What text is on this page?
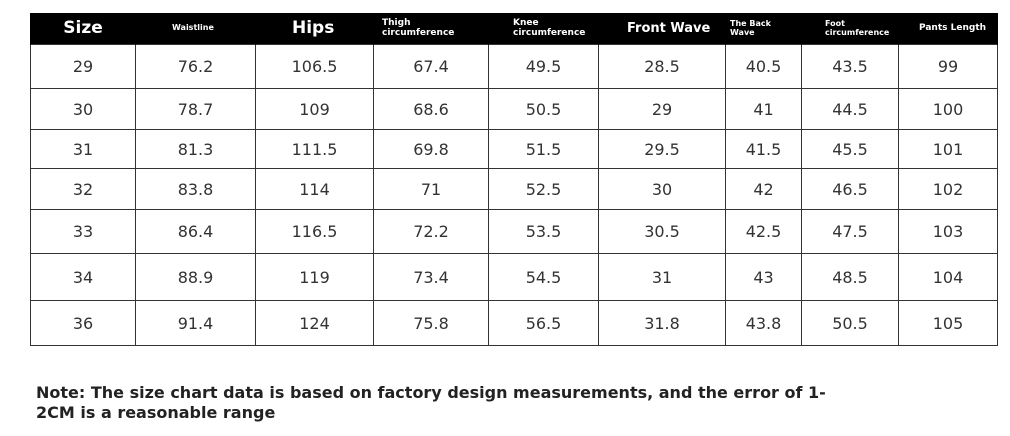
Size	Waistline	Hips	Thigh circumference	Knee circumference	Front Wave	The Back Wave	Foot circumference	Pants Length
29	76.2	106.5	67.4	49.5	28.5	40.5	43.5	99
30	78.7	109	68.6	50.5	29	41	44.5	100
31	81.3	111.5	69.8	51.5	29.5	41.5	45.5	101
32	83.8	114	71	52.5	30	42	46.5	102
33	86.4	116.5	72.2	53.5	30.5	42.5	47.5	103
34	88.9	119	73.4	54.5	31	43	48.5	104
36	91.4	124	75.8	56.5	31.8	43.8	50.5	105

Note: The size chart data is based on factory design measurements, and the error of 1-2CM is a reasonable range
